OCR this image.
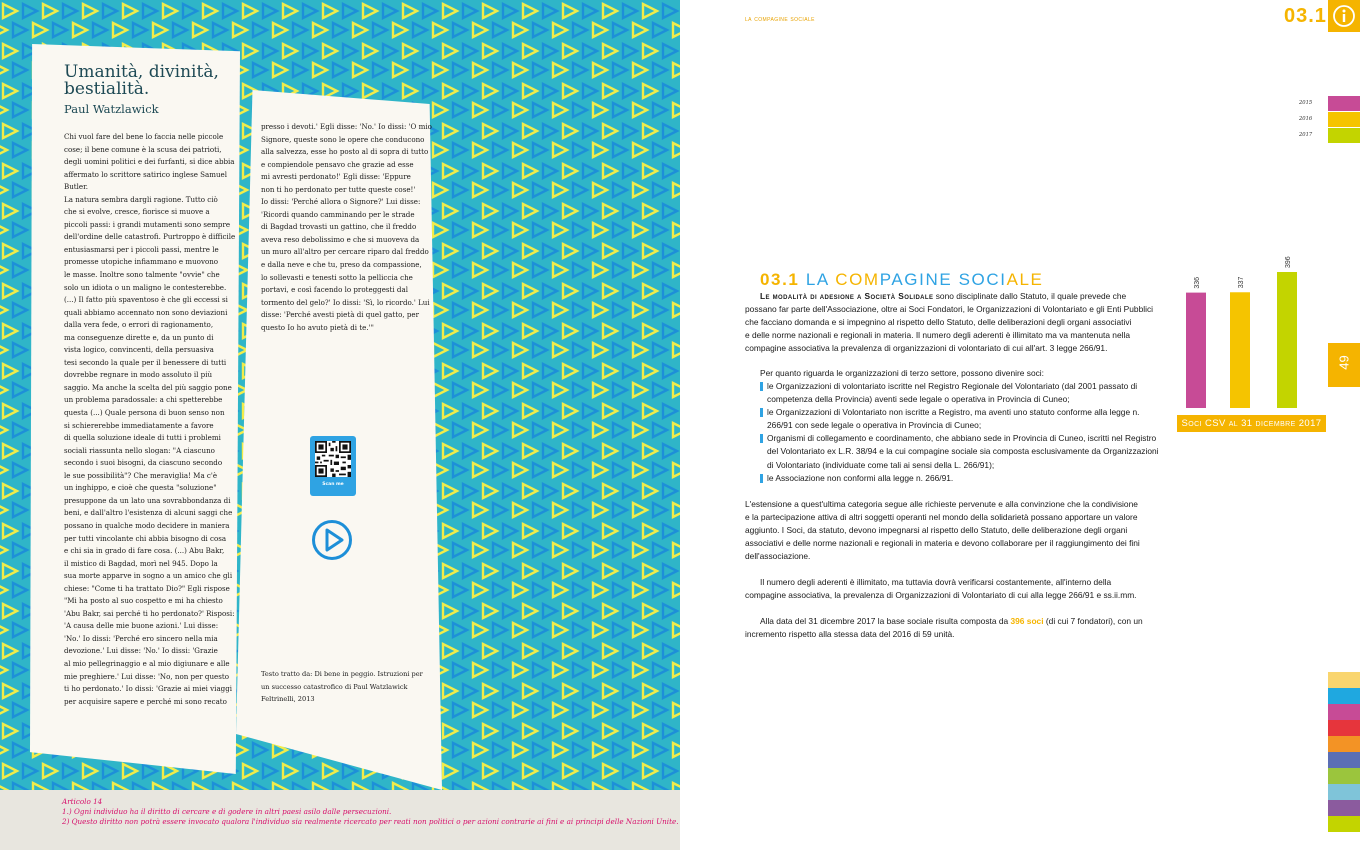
Umanità, divinità,
bestialità.
Paul Watzlawick
Chi vuol fare del bene lo faccia nelle piccole
cose; il bene comune è la scusa dei patrioti,
degli uomini politici e dei furfanti, si dice abbia
affermato lo scrittore satirico inglese Samuel
Butler.
La natura sembra dargli ragione. Tutto ciò
che si evolve, cresce, fiorisce si muove a
piccoli passi: i grandi mutamenti sono sempre
dell'ordine delle catastrofi. Purtroppo è difficile
entusiasmarsi per i piccoli passi, mentre le
promesse utopiche infiammano e muovono
le masse. Inoltre sono talmente "ovvie" che
solo un idiota o un maligno le contesterebbe.
(...) Il fatto più spaventoso è che gli eccessi si
quali abbiamo accennato non sono deviazioni
dalla vera fede, o errori di ragionamento,
ma conseguenze dirette e, da un punto di
vista logico, convincenti, della persuasiva
tesi secondo la quale per il benessere di tutti
dovrebbe regnare in modo assoluto il più
saggio. Ma anche la scelta del più saggio pone
un problema paradossale: a chi spetterebbe
questa (...) Quale persona di buon senso non
si schiererebbe immediatamente a favore
di quella soluzione ideale di tutti i problemi
sociali riassunta nello slogan: "A ciascuno
secondo i suoi bisogni, da ciascuno secondo
le sue possibilità"? Che meraviglia! Ma c'è
un inghippo, e cioè che questa "soluzione"
presuppone da un lato una sovrabbondanza di
beni, e dall'altro l'esistenza di alcuni saggi che
possano in qualche modo decidere in maniera
per tutti vincolante chi abbia bisogno di cosa
e chi sia in grado di fare cosa. (...) Abu Bakr,
il mistico di Bagdad, morì nel 945. Dopo la
sua morte apparve in sogno a un amico che gli
chiese: "Come ti ha trattato Dio?" Egli rispose
"Mi ha posto al suo cospetto e mi ha chiesto
'Abu Bakr, sai perché ti ho perdonato?' Risposi:
'A causa delle mie buone azioni.' Lui disse:
'No.' Io dissi: 'Perché ero sincero nella mia
devozione.' Lui disse: 'No.' Io dissi: 'Grazie
al mio pellegrinaggio e al mio digiunare e alle
mie preghiere.' Lui disse: 'No, non per questo
ti ho perdonato.' Io dissi: 'Grazie ai miei viaggi
per acquisire sapere e perché mi sono recato
presso i devoti.' Egli disse: 'No.' Io dissi: 'O mio
Signore, queste sono le opere che conducono
alla salvezza, esse ho posto al di sopra di tutto
e compiendole pensavo che grazie ad esse
mi avresti perdonato!' Egli disse: 'Eppure
non ti ho perdonato per tutte queste cose!'
Io dissi: 'Perché allora o Signore?' Lui disse:
'Ricordi quando camminando per le strade
di Bagdad trovasti un gattino, che il freddo
aveva reso debolissimo e che si muoveva da
un muro all'altro per cercare riparo dal freddo
e dalla neve e che tu, preso da compassione,
lo sollevasti e tenesti sotto la pelliccia che
portavi, e così facendo lo proteggesti dal
tormento del gelo?' Io dissi: 'Sì, lo ricordo.' Lui
disse: 'Perché avesti pietà di quel gatto, per
questo Io ho avuto pietà di te.'"
Scan me
Testo tratto da: Di bene in peggio. Istruzioni per
un successo catastrofico di Paul Watzlawick
Feltrinelli, 2013
Articolo 14
1.) Ogni individuo ha il diritto di cercare e di godere in altri paesi asilo dalle persecuzioni.
2) Questo diritto non potrà essere invocato qualora l'individuo sia realmente ricercato per reati non politici o per azioni contrarie ai fini e ai principi delle Nazioni Unite.
la compagine sociale	03.1
2015
2016
2017
49
03.1 LA COMPAGINE SOCIALE
Le modalità di adesione a Società Solidale sono disciplinate dallo Statuto, il quale prevede che
possano far parte dell'Associazione, oltre ai Soci Fondatori, le Organizzazioni di Volontariato e gli Enti Pubblici
che facciano domanda e si impegnino al rispetto dello Statuto, delle deliberazioni degli organi associativi
e delle norme nazionali e regionali in materia. Il numero degli aderenti è illimitato ma va mantenuta nella
compagine associativa la prevalenza di organizzazioni di volontariato di cui all'art. 3 legge 266/91.
Per quanto riguarda le organizzazioni di terzo settore, possono divenire soci:
le Organizzazioni di volontariato iscritte nel Registro Regionale del Volontariato (dal 2001 passato di
competenza della Provincia) aventi sede legale o operativa in Provincia di Cuneo;
le Organizzazioni di Volontariato non iscritte a Registro, ma aventi uno statuto conforme alla legge n.
266/91 con sede legale o operativa in Provincia di Cuneo;
Organismi di collegamento e coordinamento, che abbiano sede in Provincia di Cuneo, iscritti nel Registro
del Volontariato ex L.R. 38/94 e la cui compagine sociale sia composta esclusivamente da Organizzazioni
di Volontariato (individuate come tali ai sensi della L. 266/91);
le Associazione non conformi alla legge n. 266/91.
L'estensione a quest'ultima categoria segue alle richieste pervenute e alla convinzione che la condivisione
e la partecipazione attiva di altri soggetti operanti nel mondo della solidarietà possano apportare un valore
aggiunto. I Soci, da statuto, devono impegnarsi al rispetto dello Statuto, delle deliberazione degli organi
associativi e delle norme nazionali e regionali in materia e devono collaborare per il raggiungimento dei fini
dell'associazione.
Il numero degli aderenti è illimitato, ma tuttavia dovrà verificarsi costantemente, all'interno della
compagine associativa, la prevalenza di Organizzazioni di Volontariato di cui alla legge 266/91 e ss.ii.mm.
Alla data del 31 dicembre 2017 la base sociale risulta composta da 396 soci (di cui 7 fondatori), con un
incremento rispetto alla stessa data del 2016 di 59 unità.
336	337
396
Soci CSV al 31 dicembre 2017
